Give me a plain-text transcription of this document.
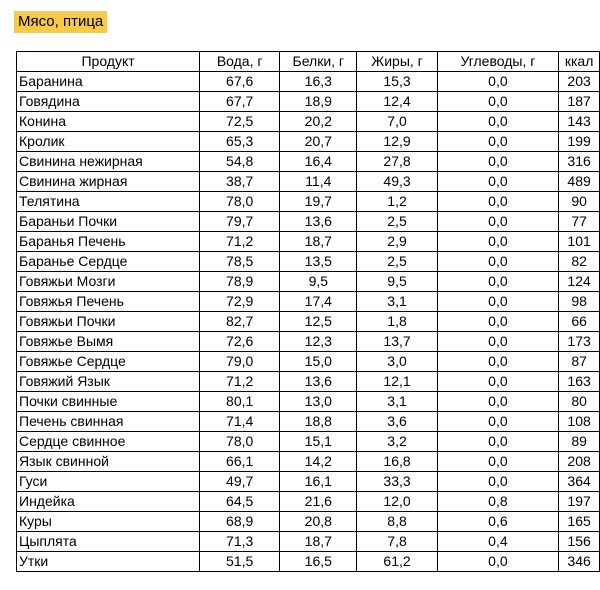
Мясо, птица
Продукт	Вода, г	Белки, г	Жиры, г	Углеводы, г	ккал
Баранина	67,6	16,3	15,3	0,0	203
Говядина	67,7	18,9	12,4	0,0	187
Конина	72,5	20,2	7,0	0,0	143
Кролик	65,3	20,7	12,9	0,0	199
Свинина нежирная	54,8	16,4	27,8	0,0	316
Свинина жирная	38,7	11,4	49,3	0,0	489
Телятина	78,0	19,7	1,2	0,0	90
Бараньи Почки	79,7	13,6	2,5	0,0	77
Баранья Печень	71,2	18,7	2,9	0,0	101
Баранье Сердце	78,5	13,5	2,5	0,0	82
Говяжьи Мозги	78,9	9,5	9,5	0,0	124
Говяжья Печень	72,9	17,4	3,1	0,0	98
Говяжьи Почки	82,7	12,5	1,8	0,0	66
Говяжье Вымя	72,6	12,3	13,7	0,0	173
Говяжье Сердце	79,0	15,0	3,0	0,0	87
Говяжий Язык	71,2	13,6	12,1	0,0	163
Почки свинные	80,1	13,0	3,1	0,0	80
Печень свинная	71,4	18,8	3,6	0,0	108
Сердце свинное	78,0	15,1	3,2	0,0	89
Язык свинной	66,1	14,2	16,8	0,0	208
Гуси	49,7	16,1	33,3	0,0	364
Индейка	64,5	21,6	12,0	0,8	197
Куры	68,9	20,8	8,8	0,6	165
Цыплята	71,3	18,7	7,8	0,4	156
Утки	51,5	16,5	61,2	0,0	346
